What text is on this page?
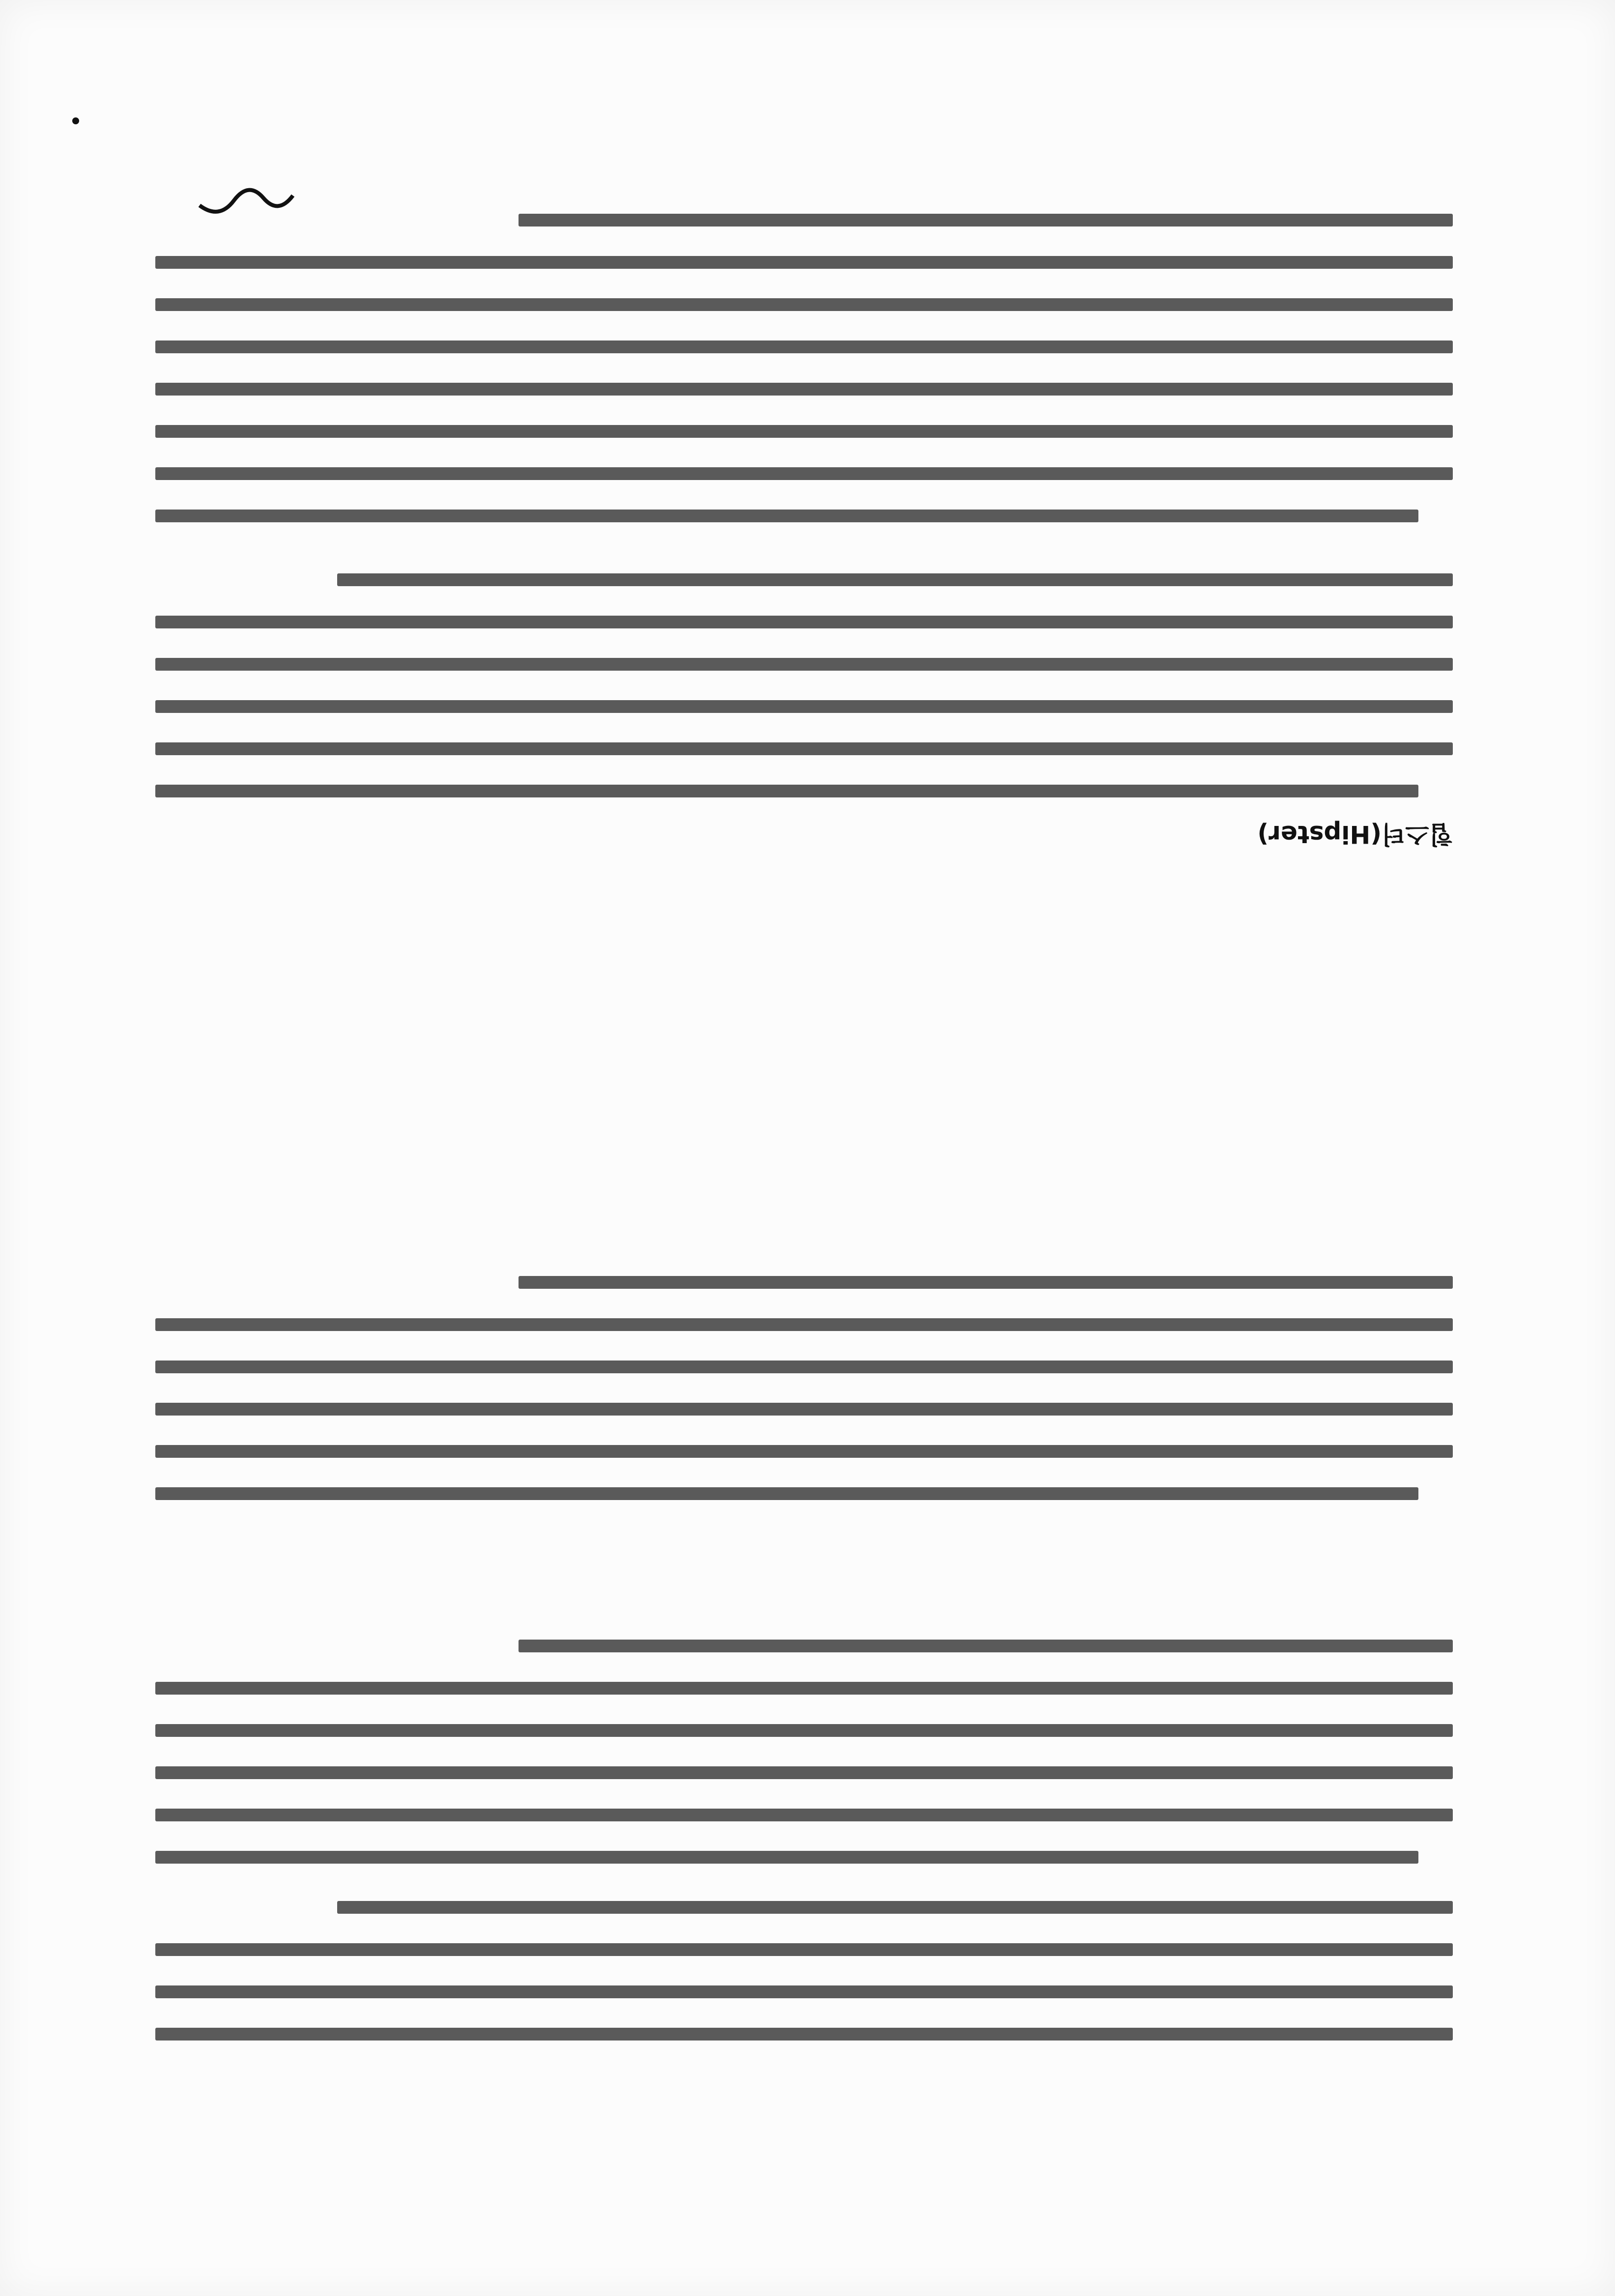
힙스터(Hipster)
